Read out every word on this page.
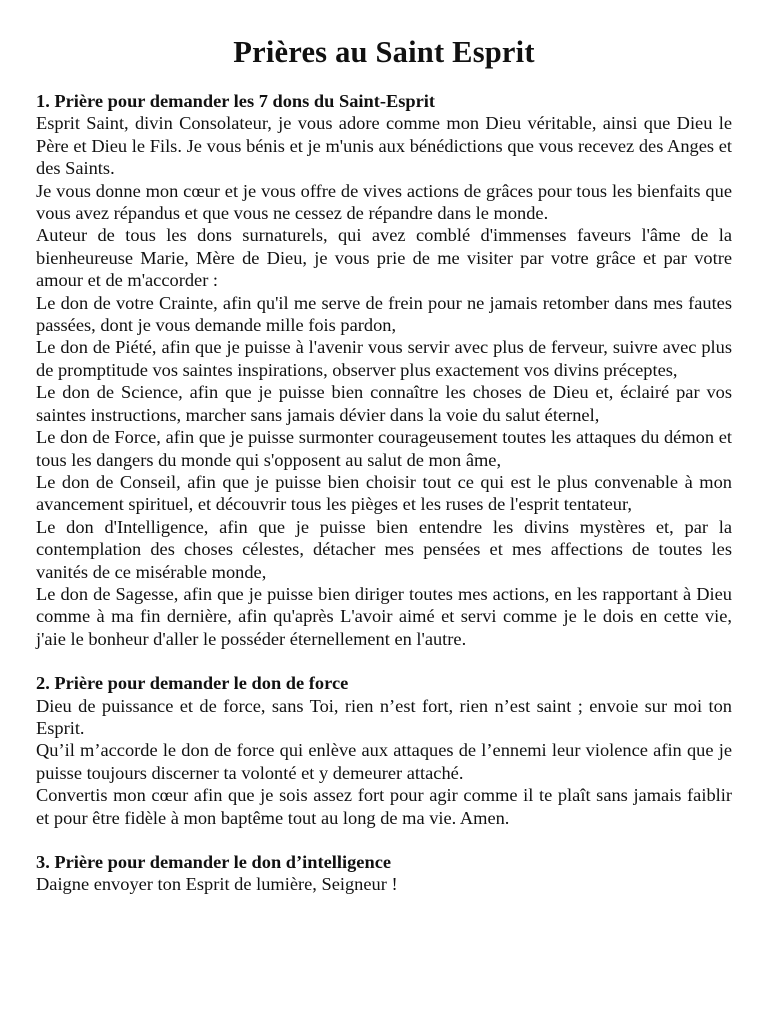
Prières au Saint Esprit

1. Prière pour demander les 7 dons du Saint-Esprit

Esprit Saint, divin Consolateur, je vous adore comme mon Dieu véritable, ainsi que Dieu le Père et Dieu le Fils. Je vous bénis et je m'unis aux bénédictions que vous recevez des Anges et des Saints.

Je vous donne mon cœur et je vous offre de vives actions de grâces pour tous les bienfaits que vous avez répandus et que vous ne cessez de répandre dans le monde.

Auteur de tous les dons surnaturels, qui avez comblé d'immenses faveurs l'âme de la bienheureuse Marie, Mère de Dieu, je vous prie de me visiter par votre grâce et par votre amour et de m'accorder :

Le don de votre Crainte, afin qu'il me serve de frein pour ne jamais retomber dans mes fautes passées, dont je vous demande mille fois pardon,

Le don de Piété, afin que je puisse à l'avenir vous servir avec plus de ferveur, suivre avec plus de promptitude vos saintes inspirations, observer plus exactement vos divins préceptes,

Le don de Science, afin que je puisse bien connaître les choses de Dieu et, éclairé par vos saintes instructions, marcher sans jamais dévier dans la voie du salut éternel,

Le don de Force, afin que je puisse surmonter courageusement toutes les attaques du démon et tous les dangers du monde qui s'opposent au salut de mon âme,

Le don de Conseil, afin que je puisse bien choisir tout ce qui est le plus convenable à mon avancement spirituel, et découvrir tous les pièges et les ruses de l'esprit tentateur,

Le don d'Intelligence, afin que je puisse bien entendre les divins mystères et, par la contemplation des choses célestes, détacher mes pensées et mes affections de toutes les vanités de ce misérable monde,

Le don de Sagesse, afin que je puisse bien diriger toutes mes actions, en les rapportant à Dieu comme à ma fin dernière, afin qu'après L'avoir aimé et servi comme je le dois en cette vie, j'aie le bonheur d'aller le posséder éternellement en l'autre.

2. Prière pour demander le don de force

Dieu de puissance et de force, sans Toi, rien n’est fort, rien n’est saint ; envoie sur moi ton Esprit.

Qu’il m’accorde le don de force qui enlève aux attaques de l’ennemi leur violence afin que je puisse toujours discerner ta volonté et y demeurer attaché.

Convertis mon cœur afin que je sois assez fort pour agir comme il te plaît sans jamais faiblir et pour être fidèle à mon baptême tout au long de ma vie. Amen.

3. Prière pour demander le don d’intelligence

Daigne envoyer ton Esprit de lumière, Seigneur !
